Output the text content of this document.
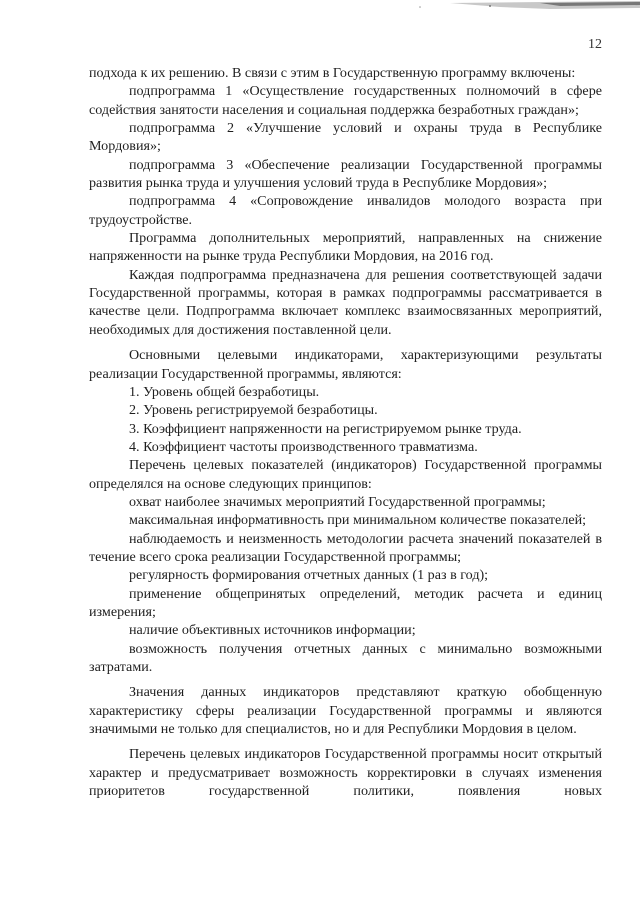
12

подхода к их решению. В связи с этим в Государственную программу включены:

подпрограмма 1 «Осуществление государственных полномочий в сфере содействия занятости населения и социальная поддержка безработных граждан»;

подпрограмма 2 «Улучшение условий и охраны труда в Республике Мордовия»;

подпрограмма 3 «Обеспечение реализации Государственной программы развития рынка труда и улучшения условий труда в Республике Мордовия»;

подпрограмма 4 «Сопровождение инвалидов молодого возраста при трудоустройстве.

Программа дополнительных мероприятий, направленных на снижение напряженности на рынке труда Республики Мордовия, на 2016 год.

Каждая подпрограмма предназначена для решения соответствующей задачи Государственной программы, которая в рамках подпрограммы рассматривается в качестве цели. Подпрограмма включает комплекс взаимосвязанных мероприятий, необходимых для достижения поставленной цели.

Основными целевыми индикаторами, характеризующими результаты реализации Государственной программы, являются:

1. Уровень общей безработицы.

2. Уровень регистрируемой безработицы.

3. Коэффициент напряженности на регистрируемом рынке труда.

4. Коэффициент частоты производственного травматизма.

Перечень целевых показателей (индикаторов) Государственной программы определялся на основе следующих принципов:

охват наиболее значимых мероприятий Государственной программы;

максимальная информативность при минимальном количестве показателей;

наблюдаемость и неизменность методологии расчета значений показателей в течение всего срока реализации Государственной программы;

регулярность формирования отчетных данных (1 раз в год);

применение общепринятых определений, методик расчета и единиц измерения;

наличие объективных источников информации;

возможность получения отчетных данных с минимально возможными затратами.

Значения данных индикаторов представляют краткую обобщенную характеристику сферы реализации Государственной программы и являются значимыми не только для специалистов, но и для Республики Мордовия в целом.

Перечень целевых индикаторов Государственной программы носит открытый характер и предусматривает возможность корректировки в случаях изменения приоритетов государственной политики, появления новых
